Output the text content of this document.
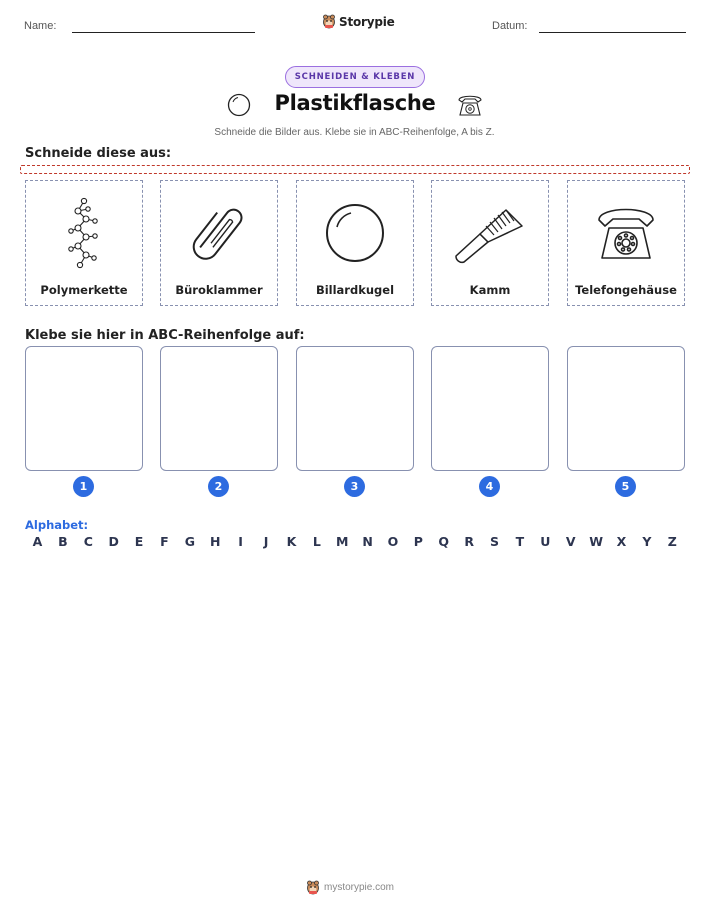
Name:	Storypie	Datum:
SCHNEIDEN & KLEBEN
Plastikflasche
Schneide die Bilder aus. Klebe sie in ABC-Reihenfolge, A bis Z.
Schneide diese aus:
Polymerkette	Büroklammer	Billardkugel	Kamm	Telefongehäuse
Klebe sie hier in ABC-Reihenfolge auf:
1	2	3	4	5
Alphabet:
A	B	C	D	E	F	G	H	I	J	K	L	M	N	O	P	Q	R	S	T	U	V	W	X	Y	Z
mystorypie.com
